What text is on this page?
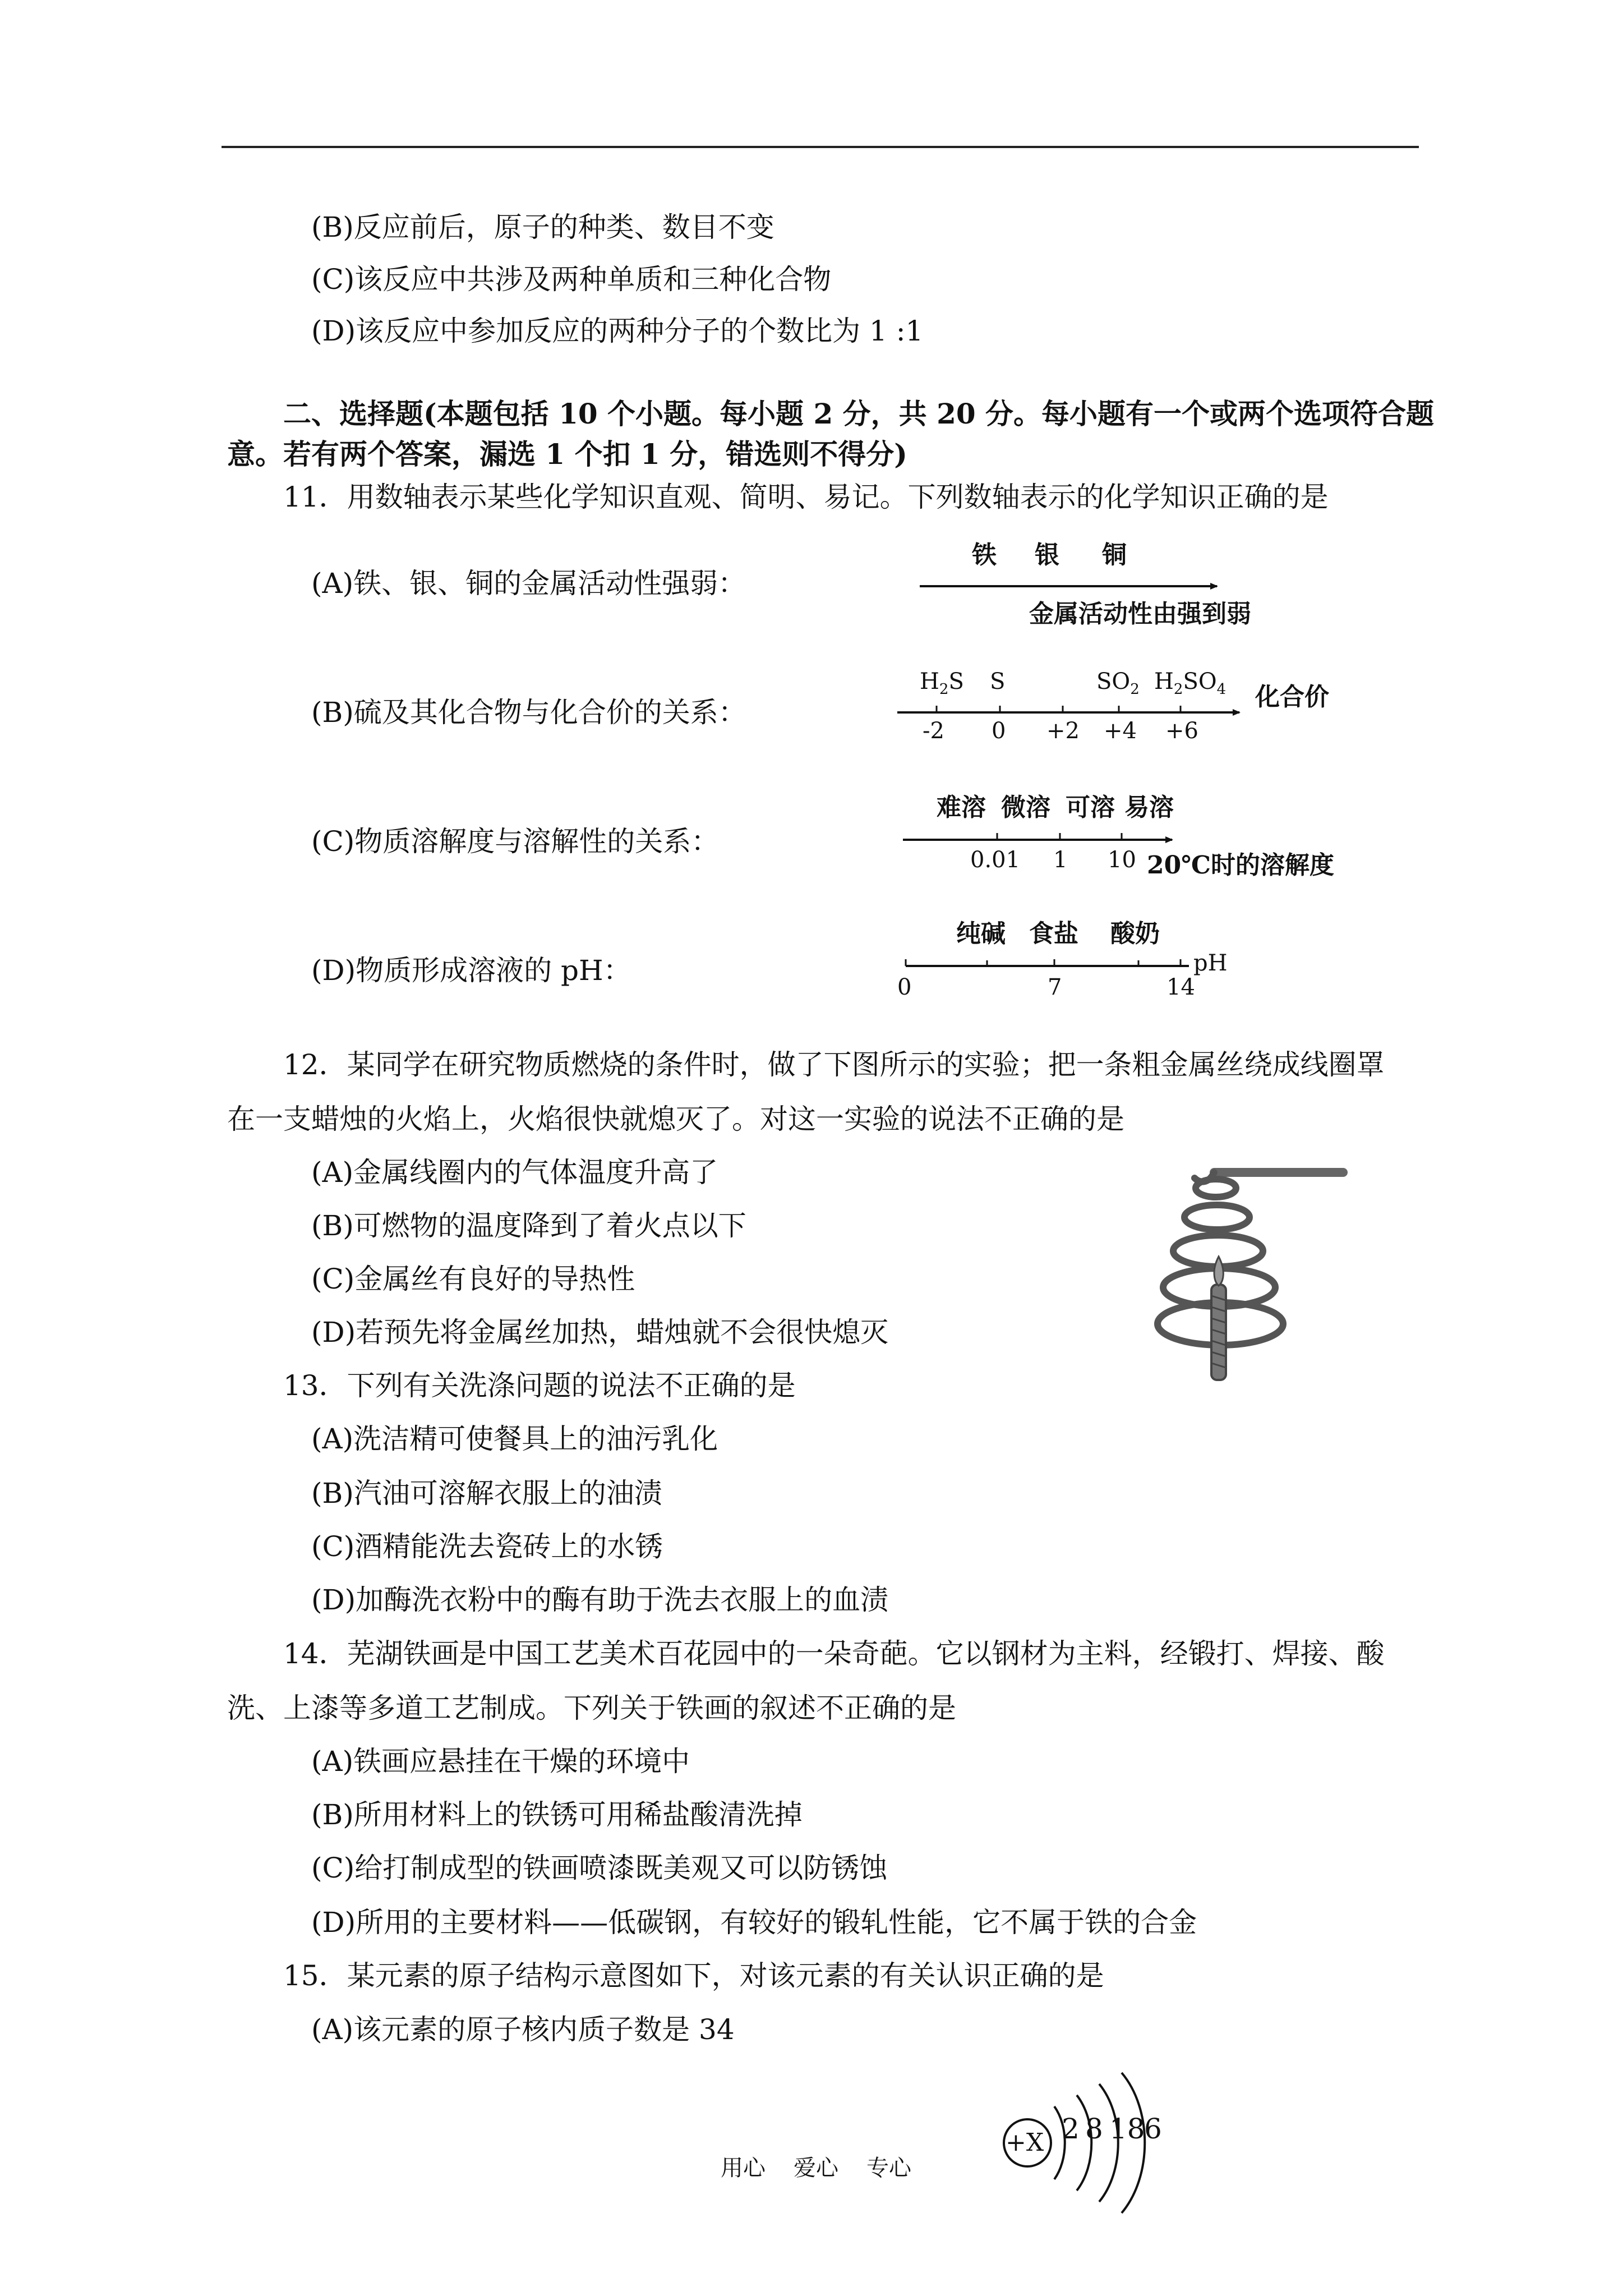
(B)反应前后，原子的种类、数目不变
(C)该反应中共涉及两种单质和三种化合物
(D)该反应中参加反应的两种分子的个数比为 1 :1
二、选择题(本题包括 10 个小题。每小题 2 分，共 20 分。每小题有一个或两个选项符合题
意。若有两个答案，漏选 1 个扣 1 分，错选则不得分)
11．用数轴表示某些化学知识直观、简明、易记。下列数轴表示的化学知识正确的是
(A)铁、银、铜的金属活动性强弱：
(B)硫及其化合物与化合价的关系：
(C)物质溶解度与溶解性的关系：
(D)物质形成溶液的 pH：
铁 银 铜
金属活动性由强到弱
$H_2S$ S	$SO_2$ $H_2SO_4$
-2 0 +2 +4 +6
化合价
难溶 微溶 可溶 易溶
0.01 1 10 20℃时的溶解度
纯碱 食盐 酸奶
0	7	14
pH
12．某同学在研究物质燃烧的条件时，做了下图所示的实验；把一条粗金属丝绕成线圈罩
在一支蜡烛的火焰上，火焰很快就熄灭了。对这一实验的说法不正确的是
(A)金属线圈内的气体温度升高了
(B)可燃物的温度降到了着火点以下
(C)金属丝有良好的导热性
(D)若预先将金属丝加热，蜡烛就不会很快熄灭
13．下列有关洗涤问题的说法不正确的是
(A)洗洁精可使餐具上的油污乳化
(B)汽油可溶解衣服上的油渍
(C)酒精能洗去瓷砖上的水锈
(D)加酶洗衣粉中的酶有助于洗去衣服上的血渍
14．芜湖铁画是中国工艺美术百花园中的一朵奇葩。它以钢材为主料，经锻打、焊接、酸
洗、上漆等多道工艺制成。下列关于铁画的叙述不正确的是
(A)铁画应悬挂在干燥的环境中
(B)所用材料上的铁锈可用稀盐酸清洗掉
(C)给打制成型的铁画喷漆既美观又可以防锈蚀
(D)所用的主要材料——低碳钢，有较好的锻轧性能，它不属于铁的合金
15．某元素的原子结构示意图如下，对该元素的有关认识正确的是
(A)该元素的原子核内质子数是 34
+X 2 8 18
6
用心 爱心 专心
